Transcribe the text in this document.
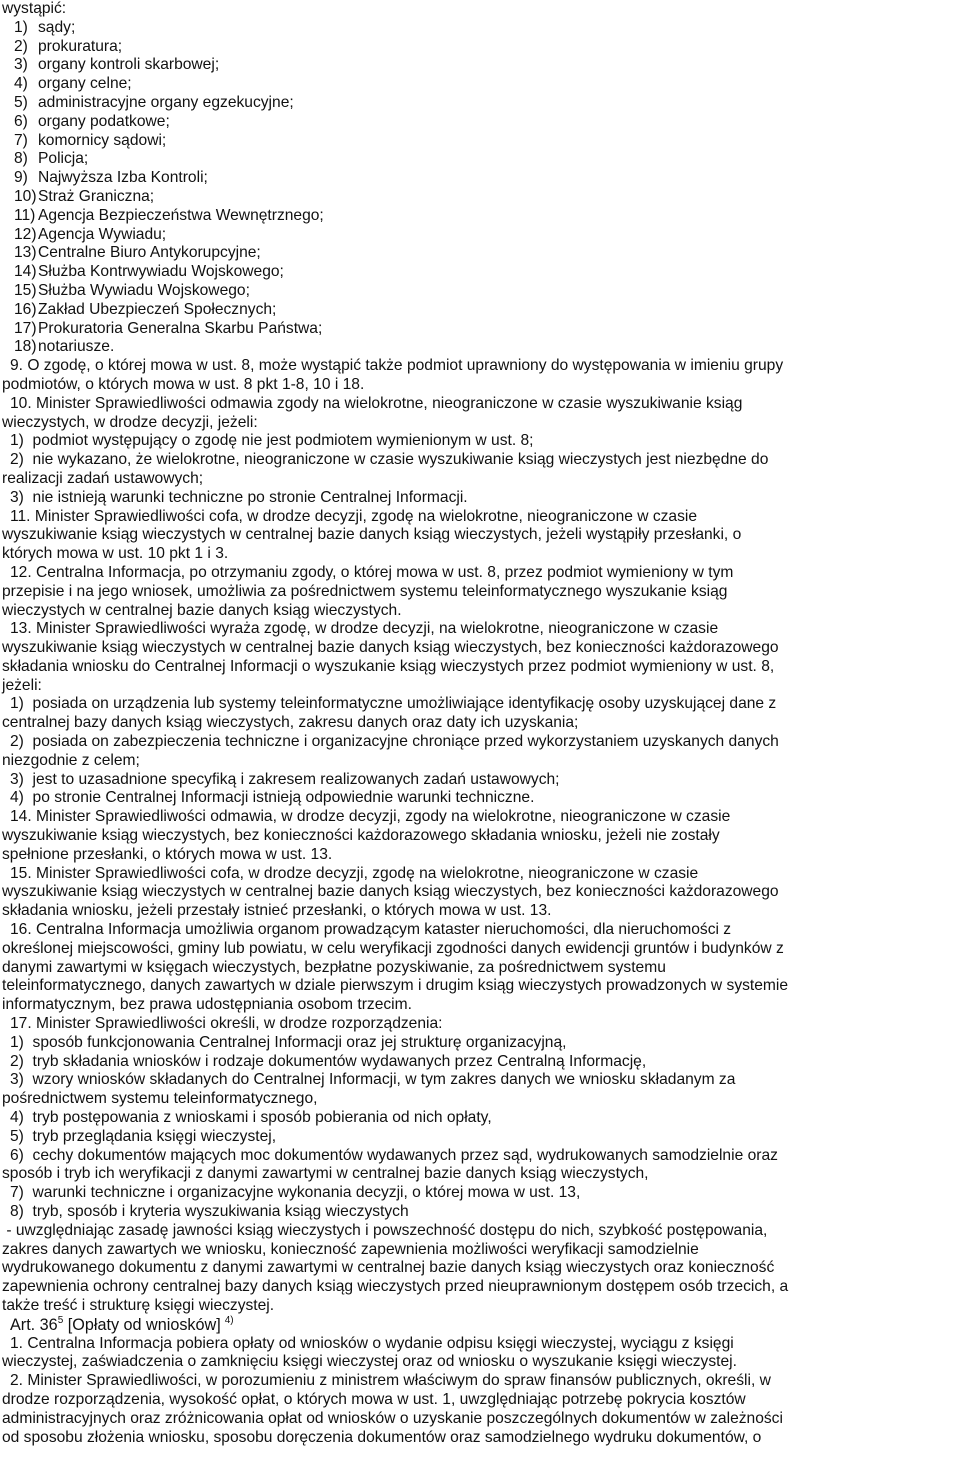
wystąpić:

1) sądy;

2) prokuratura;

3) organy kontroli skarbowej;

4) organy celne;

5) administracyjne organy egzekucyjne;

6) organy podatkowe;

7) komornicy sądowi;

8) Policja;

9) Najwyższa Izba Kontroli;

10)Straż Graniczna;

11) Agencja Bezpieczeństwa Wewnętrznego;

12)Agencja Wywiadu;

13)Centralne Biuro Antykorupcyjne;

14)Służba Kontrwywiadu Wojskowego;

15)Służba Wywiadu Wojskowego;

16)Zakład Ubezpieczeń Społecznych;

17)Prokuratoria Generalna Skarbu Państwa;

18)notariusze.

9. O zgodę, o której mowa w ust. 8, może wystąpić także podmiot uprawniony do występowania w imieniu grupy

podmiotów, o których mowa w ust. 8 pkt 1-8, 10 i 18.

10. Minister Sprawiedliwości odmawia zgody na wielokrotne, nieograniczone w czasie wyszukiwanie ksiąg

wieczystych, w drodze decyzji, jeżeli:

1)  podmiot występujący o zgodę nie jest podmiotem wymienionym w ust. 8;

2)  nie wykazano, że wielokrotne, nieograniczone w czasie wyszukiwanie ksiąg wieczystych jest niezbędne do

realizacji zadań ustawowych;

3)  nie istnieją warunki techniczne po stronie Centralnej Informacji.

11. Minister Sprawiedliwości cofa, w drodze decyzji, zgodę na wielokrotne, nieograniczone w czasie

wyszukiwanie ksiąg wieczystych w centralnej bazie danych ksiąg wieczystych, jeżeli wystąpiły przesłanki, o

których mowa w ust. 10 pkt 1 i 3.

12. Centralna Informacja, po otrzymaniu zgody, o której mowa w ust. 8, przez podmiot wymieniony w tym

przepisie i na jego wniosek, umożliwia za pośrednictwem systemu teleinformatycznego wyszukanie ksiąg

wieczystych w centralnej bazie danych ksiąg wieczystych.

13. Minister Sprawiedliwości wyraża zgodę, w drodze decyzji, na wielokrotne, nieograniczone w czasie

wyszukiwanie ksiąg wieczystych w centralnej bazie danych ksiąg wieczystych, bez konieczności każdorazowego

składania wniosku do Centralnej Informacji o wyszukanie ksiąg wieczystych przez podmiot wymieniony w ust. 8,

jeżeli:

1)  posiada on urządzenia lub systemy teleinformatyczne umożliwiające identyfikację osoby uzyskującej dane z

centralnej bazy danych ksiąg wieczystych, zakresu danych oraz daty ich uzyskania;

2)  posiada on zabezpieczenia techniczne i organizacyjne chroniące przed wykorzystaniem uzyskanych danych

niezgodnie z celem;

3)  jest to uzasadnione specyfiką i zakresem realizowanych zadań ustawowych;

4)  po stronie Centralnej Informacji istnieją odpowiednie warunki techniczne.

14. Minister Sprawiedliwości odmawia, w drodze decyzji, zgody na wielokrotne, nieograniczone w czasie

wyszukiwanie ksiąg wieczystych, bez konieczności każdorazowego składania wniosku, jeżeli nie zostały

spełnione przesłanki, o których mowa w ust. 13.

15. Minister Sprawiedliwości cofa, w drodze decyzji, zgodę na wielokrotne, nieograniczone w czasie

wyszukiwanie ksiąg wieczystych w centralnej bazie danych ksiąg wieczystych, bez konieczności każdorazowego

składania wniosku, jeżeli przestały istnieć przesłanki, o których mowa w ust. 13.

16. Centralna Informacja umożliwia organom prowadzącym kataster nieruchomości, dla nieruchomości z

określonej miejscowości, gminy lub powiatu, w celu weryfikacji zgodności danych ewidencji gruntów i budynków z

danymi zawartymi w księgach wieczystych, bezpłatne pozyskiwanie, za pośrednictwem systemu

teleinformatycznego, danych zawartych w dziale pierwszym i drugim ksiąg wieczystych prowadzonych w systemie

informatycznym, bez prawa udostępniania osobom trzecim.

17. Minister Sprawiedliwości określi, w drodze rozporządzenia:

1)  sposób funkcjonowania Centralnej Informacji oraz jej strukturę organizacyjną,

2)  tryb składania wniosków i rodzaje dokumentów wydawanych przez Centralną Informację,

3)  wzory wniosków składanych do Centralnej Informacji, w tym zakres danych we wniosku składanym za

pośrednictwem systemu teleinformatycznego,

4)  tryb postępowania z wnioskami i sposób pobierania od nich opłaty,

5)  tryb przeglądania księgi wieczystej,

6)  cechy dokumentów mających moc dokumentów wydawanych przez sąd, wydrukowanych samodzielnie oraz

sposób i tryb ich weryfikacji z danymi zawartymi w centralnej bazie danych ksiąg wieczystych,

7)  warunki techniczne i organizacyjne wykonania decyzji, o której mowa w ust. 13,

8)  tryb, sposób i kryteria wyszukiwania ksiąg wieczystych

- uwzględniając zasadę jawności ksiąg wieczystych i powszechność dostępu do nich, szybkość postępowania,

zakres danych zawartych we wniosku, konieczność zapewnienia możliwości weryfikacji samodzielnie

wydrukowanego dokumentu z danymi zawartymi w centralnej bazie danych ksiąg wieczystych oraz konieczność

zapewnienia ochrony centralnej bazy danych ksiąg wieczystych przed nieuprawnionym dostępem osób trzecich, a

także treść i strukturę księgi wieczystej.

Art. $36^5$ [Opłaty od wniosków] $^{4)}$

1. Centralna Informacja pobiera opłaty od wniosków o wydanie odpisu księgi wieczystej, wyciągu z księgi

wieczystej, zaświadczenia o zamknięciu księgi wieczystej oraz od wniosku o wyszukanie księgi wieczystej.

2. Minister Sprawiedliwości, w porozumieniu z ministrem właściwym do spraw finansów publicznych, określi, w

drodze rozporządzenia, wysokość opłat, o których mowa w ust. 1, uwzględniając potrzebę pokrycia kosztów

administracyjnych oraz zróżnicowania opłat od wniosków o uzyskanie poszczególnych dokumentów w zależności

od sposobu złożenia wniosku, sposobu doręczenia dokumentów oraz samodzielnego wydruku dokumentów, o
